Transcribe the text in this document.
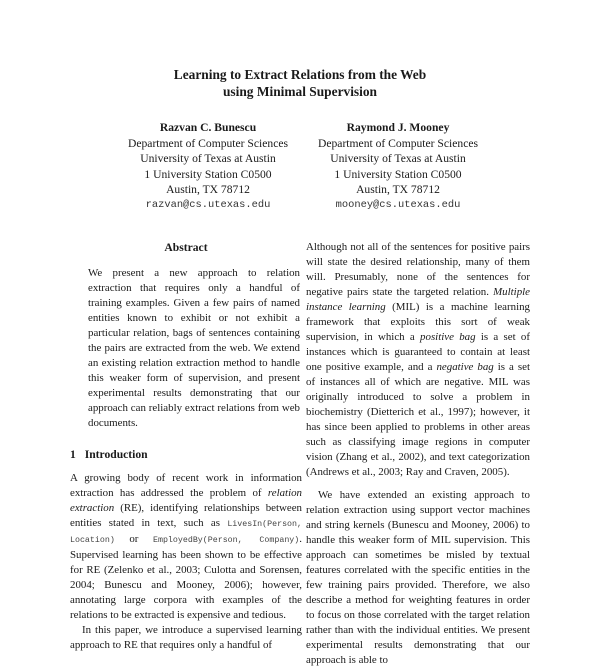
Learning to Extract Relations from the Web
using Minimal Supervision
Razvan C. Bunescu
Department of Computer Sciences
University of Texas at Austin
1 University Station C0500
Austin, TX 78712
razvan@cs.utexas.edu
Raymond J. Mooney
Department of Computer Sciences
University of Texas at Austin
1 University Station C0500
Austin, TX 78712
mooney@cs.utexas.edu
Abstract

We present a new approach to relation extraction that requires only a handful of training examples. Given a few pairs of named entities known to exhibit or not exhibit a particular relation, bags of sentences containing the pairs are extracted from the web. We extend an existing relation extraction method to handle this weaker form of supervision, and present experimental results demonstrating that our approach can reliably extract relations from web documents.

1 Introduction

A growing body of recent work in information extraction has addressed the problem of relation extraction (RE), identifying relationships between entities stated in text, such as LivesIn(Person, Location) or EmployedBy(Person, Company). Supervised learning has been shown to be effective for RE (Zelenko et al., 2003; Culotta and Sorensen, 2004; Bunescu and Mooney, 2006); however, annotating large corpora with examples of the relations to be extracted is expensive and tedious.

In this paper, we introduce a supervised learning approach to RE that requires only a handful of

Although not all of the sentences for positive pairs will state the desired relationship, many of them will. Presumably, none of the sentences for negative pairs state the targeted relation. Multiple instance learning (MIL) is a machine learning framework that exploits this sort of weak supervision, in which a positive bag is a set of instances which is guaranteed to contain at least one positive example, and a negative bag is a set of instances all of which are negative. MIL was originally introduced to solve a problem in biochemistry (Dietterich et al., 1997); however, it has since been applied to problems in other areas such as classifying image regions in computer vision (Zhang et al., 2002), and text categorization (Andrews et al., 2003; Ray and Craven, 2005).

We have extended an existing approach to relation extraction using support vector machines and string kernels (Bunescu and Mooney, 2006) to handle this weaker form of MIL supervision. This approach can sometimes be misled by textual features correlated with the specific entities in the few training pairs provided. Therefore, we also describe a method for weighting features in order to focus on those correlated with the target relation rather than with the individual entities. We present experimental results demonstrating that our approach is able to
